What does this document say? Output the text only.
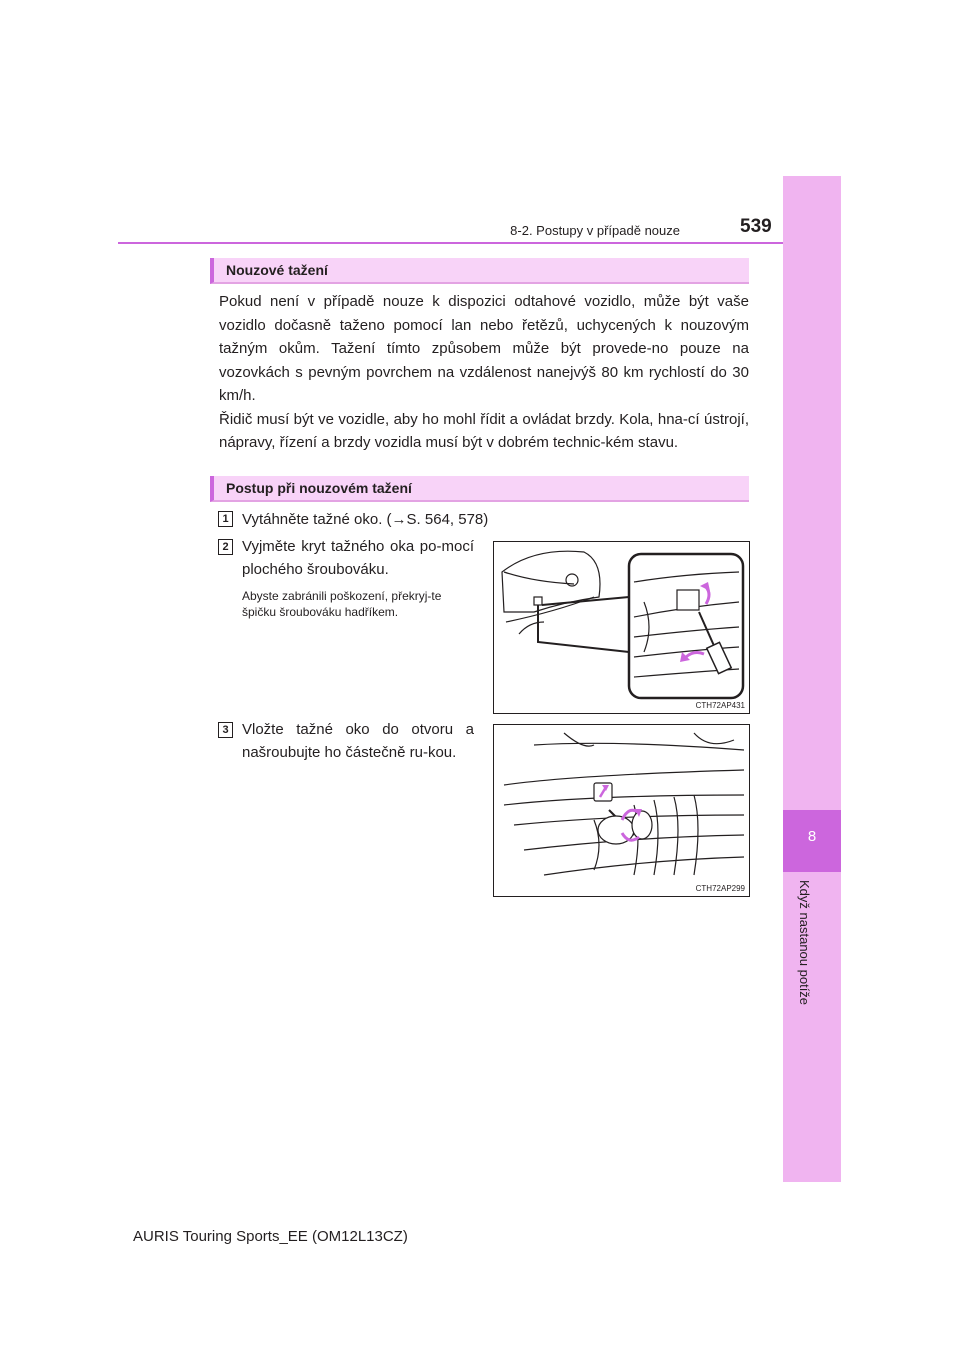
8
Když nastanou potíže
8-2. Postupy v případě nouze	539
Nouzové tažení

Pokud není v případě nouze k dispozici odtahové vozidlo, může být vaše vozidlo dočasně taženo pomocí lan nebo řetězů, uchycených k nouzovým tažným okům. Tažení tímto způsobem může být provede-no pouze na vozovkách s pevným povrchem na vzdálenost nanejvýš 80 km rychlostí do 30 km/h.

Řidič musí být ve vozidle, aby ho mohl řídit a ovládat brzdy. Kola, hna-cí ústrojí, nápravy, řízení a brzdy vozidla musí být v dobrém technic-kém stavu.

Postup při nouzovém tažení
1 Vytáhněte tažné oko. (→S. 564, 578)
2 Vyjměte kryt tažného oka po-mocí plochého šroubováku.
Abyste zabránili poškození, překryj-te špičku šroubováku hadříkem.
CTH72AP431
3 Vložte tažné oko do otvoru a našroubujte ho částečně ru-kou.
CTH72AP299
AURIS Touring Sports_EE (OM12L13CZ)
